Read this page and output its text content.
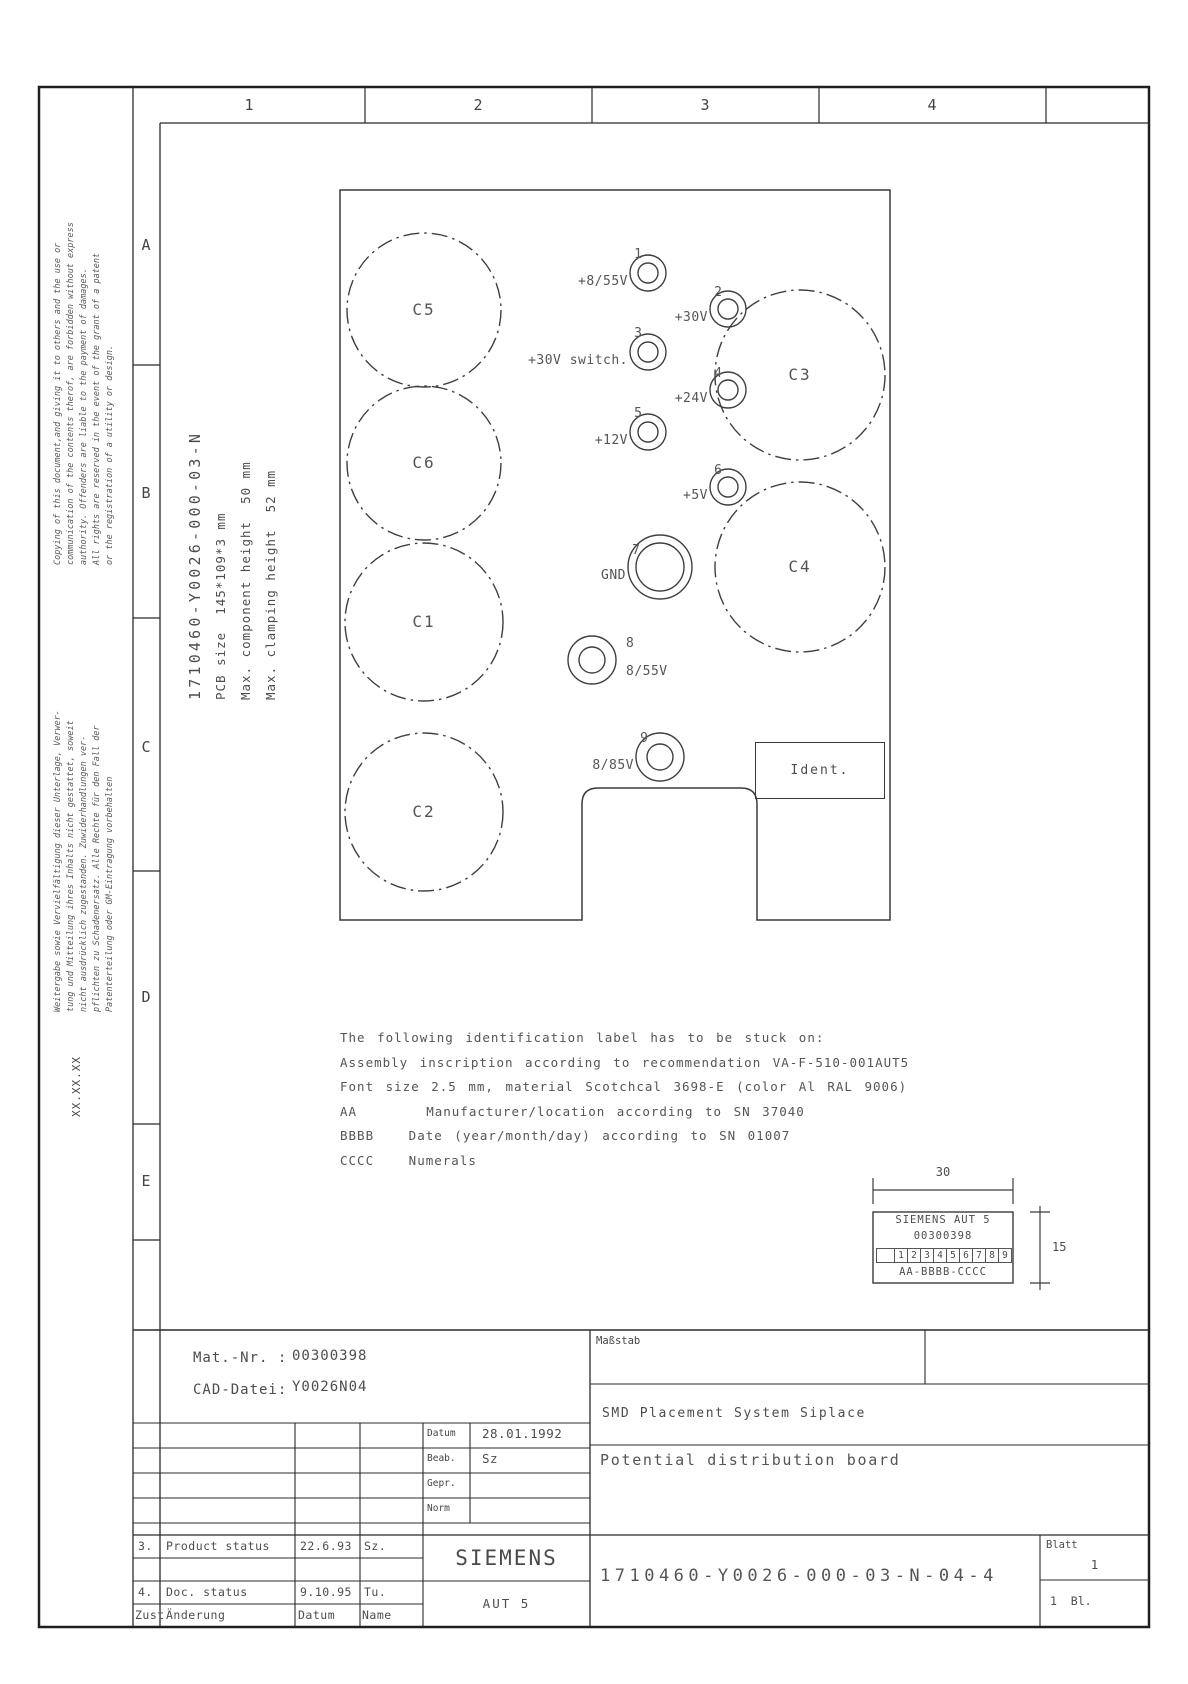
Copying of this document,and giving it to others and the use or communication of the contents therof, are forbidden without express authority. Offenders are liable to the payment of damages. All rights are reserved in the event of the grant of a patent or the registration of a utility or design.
Weitergabe sowie Vervielfältigung dieser Unterlage, Verwer- tung und Mitteilung ihres Inhalts nicht gestattet, soweit nicht ausdrücklich zugestanden. Zuwiderhandlungen ver- pflichten zu Schadenersatz. Alle Rechte für den Fall der Patenterteilung oder GM-Eintragung vorbehalten
XX.XX.XX
1710460-Y0026-000-03-N PCB size  145*109*3 mm Max. component height  50 mm Max. clamping height  52 mm
Ident.
The following identification label has to be stuck on:
Assembly inscription according to recommendation VA-F-510-001AUT5
Font size 2.5 mm, material Scotchcal 3698-E (color Al RAL 9006)
AA      Manufacturer/location according to SN 37040
BBBB   Date (year/month/day) according to SN 01007
CCCC   Numerals
30
15
SIEMENS AUT 5
00300398
1 2 3 4 5 6 7 8 9
AA-BBBB-CCCC
Mat.-Nr. : 00300398
CAD-Datei: Y0026N04
Maßstab
SMD Placement System Siplace
Potential distribution board
Zust Änderung	Datum Name
SIEMENS
AUT 5
1710460-Y0026-000-03-N-04-4
Blatt
1
1  Bl.
1	2	3	4
A
B
C
D
E
C5
C6
C1
C2
C3
C4
1
+8/55V
2
+30V
3
+30V switch.
4
+24V
5
+12V
6
+5V
7
GND
8
8/55V
9
8/85V
Datum 28.01.1992
Beab. Sz
Gepr.
Norm
3. Product status	22.6.93 Sz.
4. Doc. status	9.10.95 Tu.
